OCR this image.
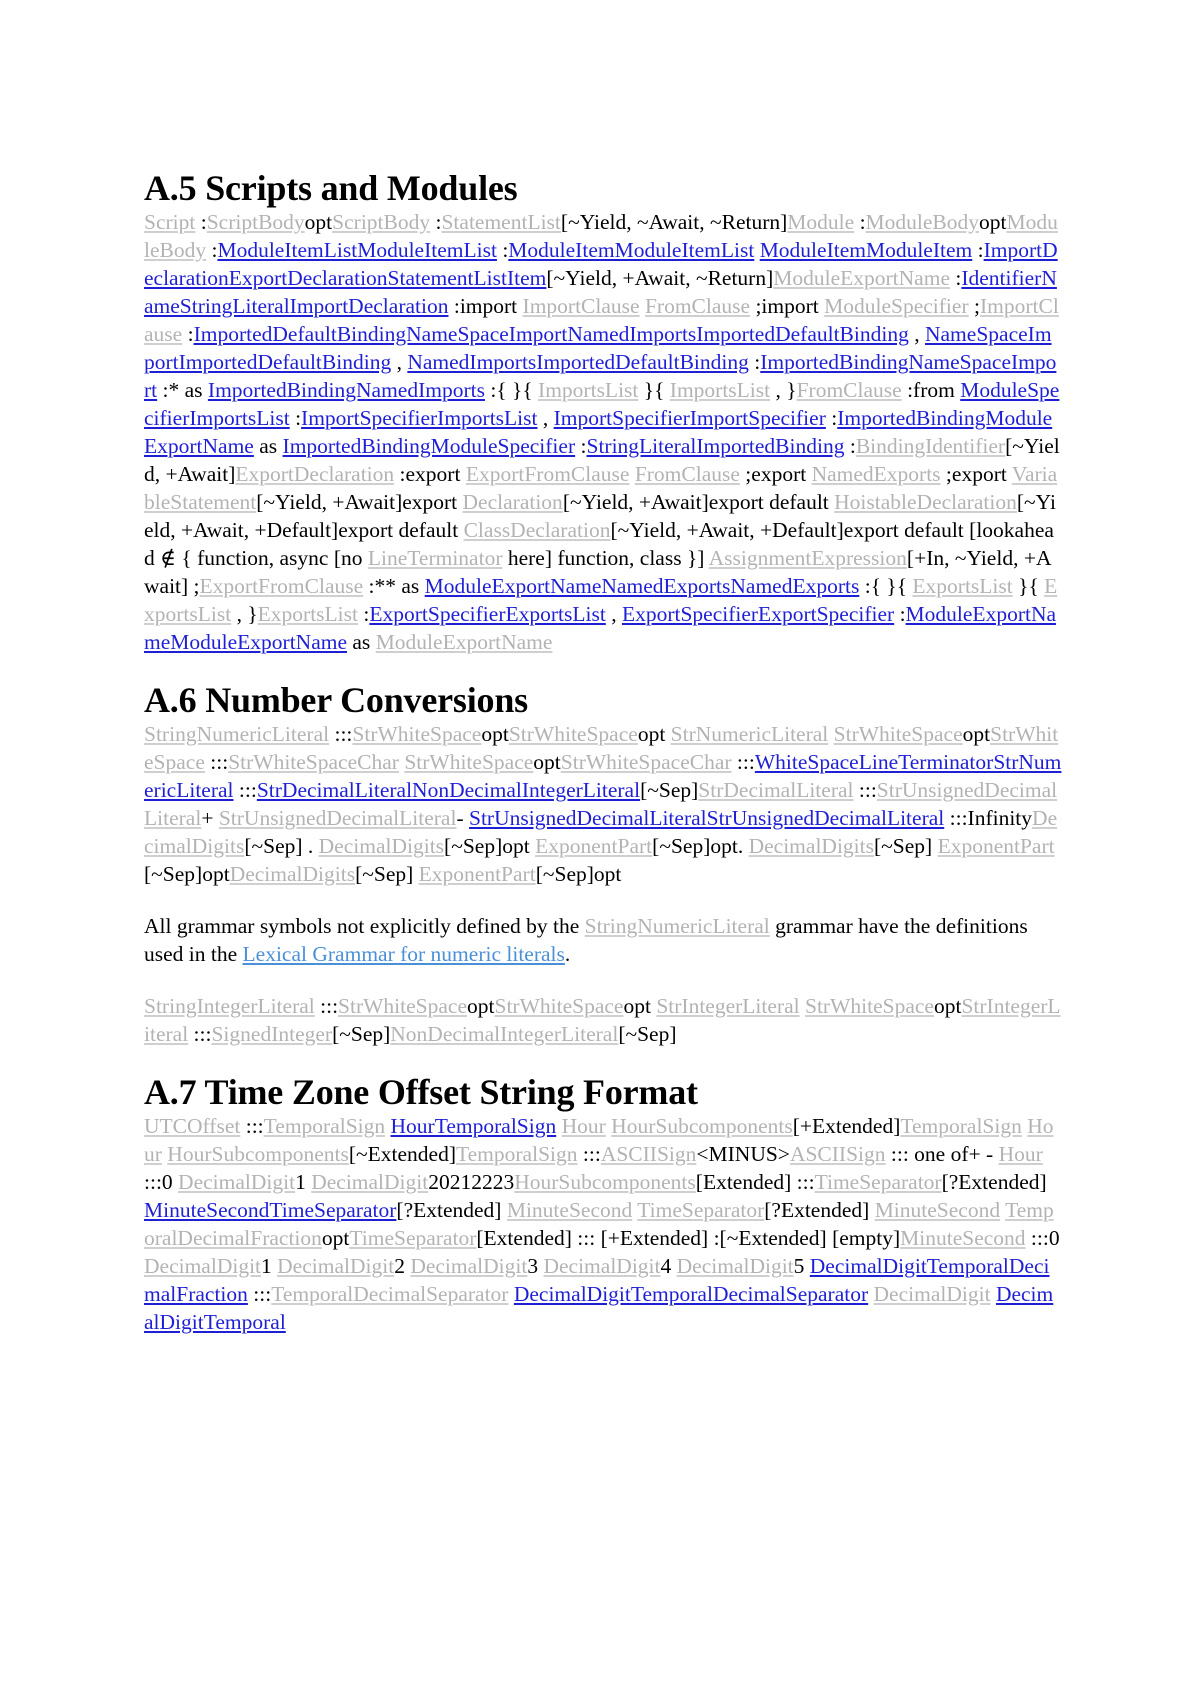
A.5 Scripts and Modules

Script :ScriptBodyoptScriptBody :StatementList[~Yield, ~Await, ~Return]Module :ModuleBodyoptModuleBody :ModuleItemListModuleItemList :ModuleItemModuleItemList ModuleItemModuleItem :ImportDeclarationExportDeclarationStatementListItem[~Yield, +Await, ~Return]ModuleExportName :IdentifierNameStringLiteralImportDeclaration :import ImportClause FromClause ;import ModuleSpecifier ;ImportClause :ImportedDefaultBindingNameSpaceImportNamedImportsImportedDefaultBinding , NameSpaceImportImportedDefaultBinding , NamedImportsImportedDefaultBinding :ImportedBindingNameSpaceImport :* as ImportedBindingNamedImports :{ }{ ImportsList }{ ImportsList , }FromClause :from ModuleSpecifierImportsList :ImportSpecifierImportsList , ImportSpecifierImportSpecifier :ImportedBindingModuleExportName as ImportedBindingModuleSpecifier :StringLiteralImportedBinding :BindingIdentifier[~Yield, +Await]ExportDeclaration :export ExportFromClause FromClause ;export NamedExports ;export VariableStatement[~Yield, +Await]export Declaration[~Yield, +Await]export default HoistableDeclaration[~Yield, +Await, +Default]export default ClassDeclaration[~Yield, +Await, +Default]export default [lookahead ∉ { function, async [no LineTerminator here] function, class }] AssignmentExpression[+In, ~Yield, +Await] ;ExportFromClause :** as ModuleExportNameNamedExportsNamedExports :{ }{ ExportsList }{ ExportsList , }ExportsList :ExportSpecifierExportsList , ExportSpecifierExportSpecifier :ModuleExportNameModuleExportName as ModuleExportName

A.6 Number Conversions

StringNumericLiteral :::StrWhiteSpaceoptStrWhiteSpaceopt StrNumericLiteral StrWhiteSpaceoptStrWhiteSpace :::StrWhiteSpaceChar StrWhiteSpaceoptStrWhiteSpaceChar :::WhiteSpaceLineTerminatorStrNumericLiteral :::StrDecimalLiteralNonDecimalIntegerLiteral[~Sep]StrDecimalLiteral :::StrUnsignedDecimalLiteral+ StrUnsignedDecimalLiteral- StrUnsignedDecimalLiteralStrUnsignedDecimalLiteral :::InfinityDecimalDigits[~Sep] . DecimalDigits[~Sep]opt ExponentPart[~Sep]opt. DecimalDigits[~Sep] ExponentPart[~Sep]optDecimalDigits[~Sep] ExponentPart[~Sep]opt

All grammar symbols not explicitly defined by the StringNumericLiteral grammar have the definitions used in the Lexical Grammar for numeric literals.

StringIntegerLiteral :::StrWhiteSpaceoptStrWhiteSpaceopt StrIntegerLiteral StrWhiteSpaceoptStrIntegerLiteral :::SignedInteger[~Sep]NonDecimalIntegerLiteral[~Sep]

A.7 Time Zone Offset String Format

UTCOffset :::TemporalSign HourTemporalSign Hour HourSubcomponents[+Extended]TemporalSign Hour HourSubcomponents[~Extended]TemporalSign :::ASCIISign<MINUS>ASCIISign ::: one of+ - Hour :::0 DecimalDigit1 DecimalDigit20212223HourSubcomponents[Extended] :::TimeSeparator[?Extended] MinuteSecondTimeSeparator[?Extended] MinuteSecond TimeSeparator[?Extended] MinuteSecond TemporalDecimalFractionoptTimeSeparator[Extended] ::: [+Extended] :[~Extended] [empty]MinuteSecond :::0 DecimalDigit1 DecimalDigit2 DecimalDigit3 DecimalDigit4 DecimalDigit5 DecimalDigitTemporalDecimalFraction :::TemporalDecimalSeparator DecimalDigitTemporalDecimalSeparator DecimalDigit DecimalDigitTemporal
